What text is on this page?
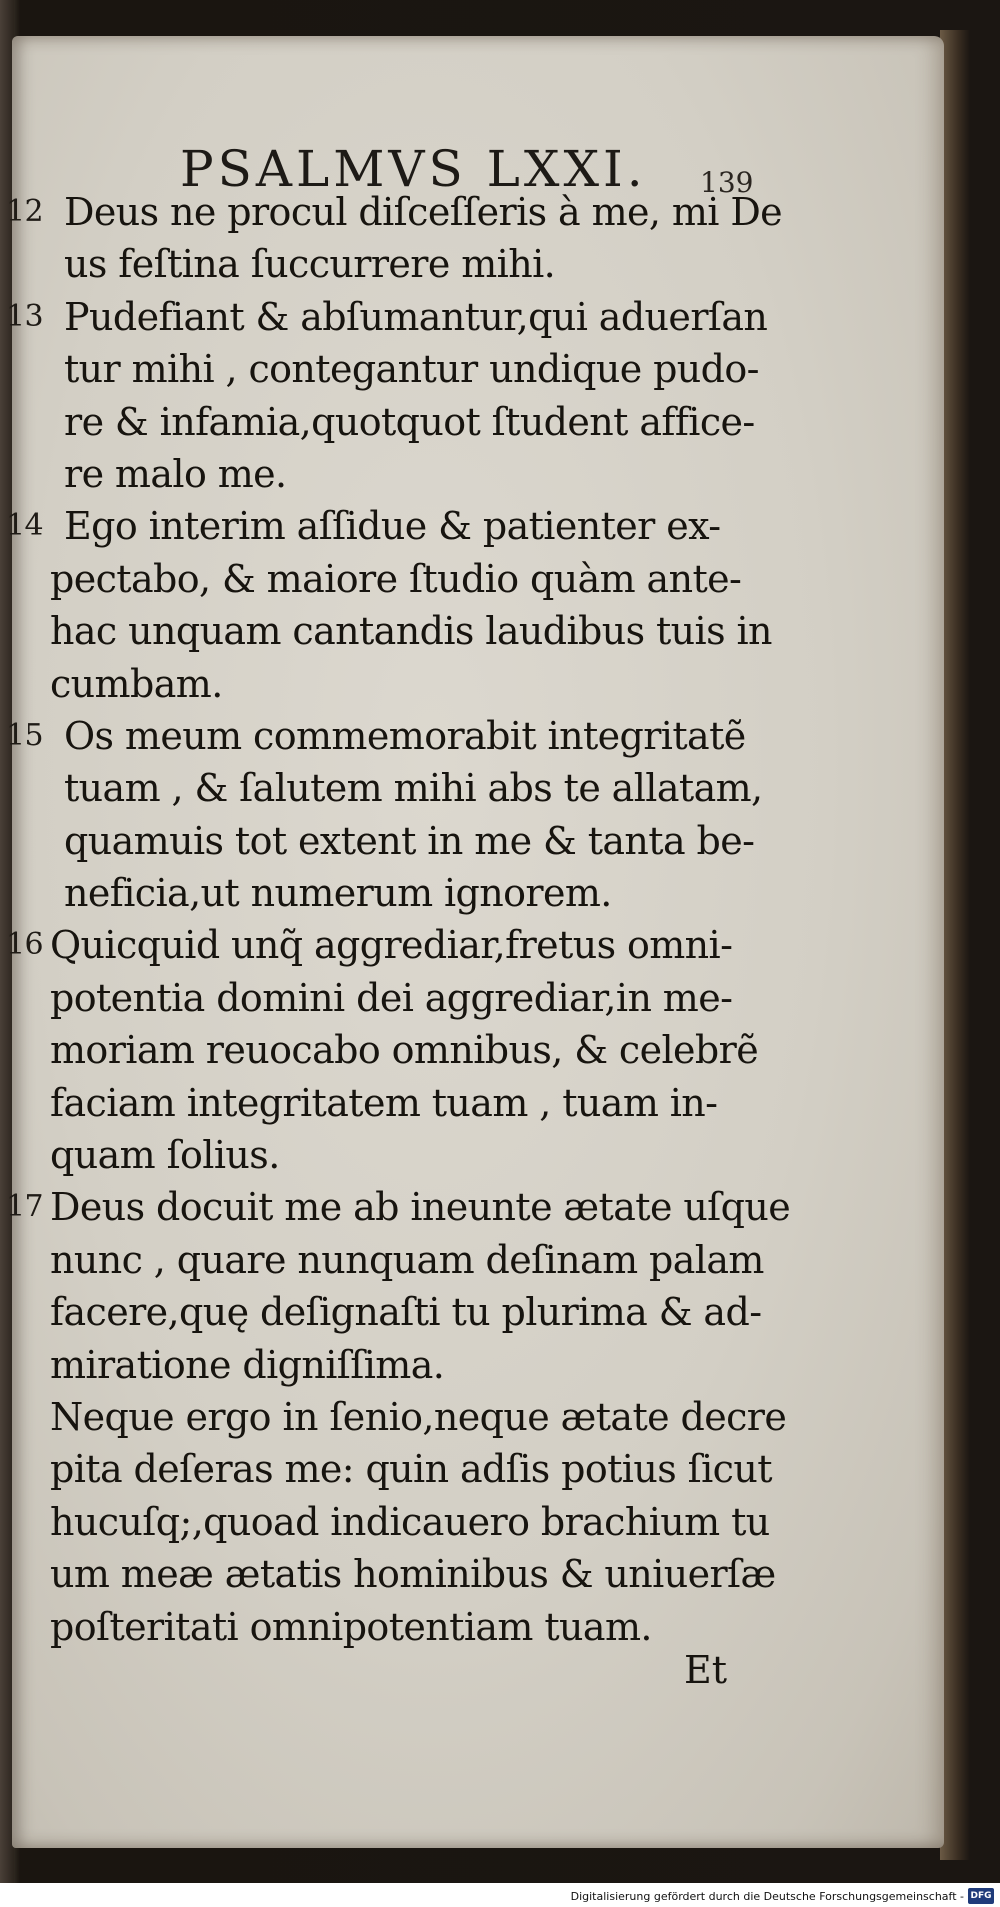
PSALMVS LXXI. 139
12 Deus ne procul diſceſſeris à me, mi De
us feſtina ſuccurrere mihi.
13 Pudefiant & abſumantur,qui aduerſan
tur mihi , contegantur undique pudo-
re & infamia,quotquot ſtudent affice-
re malo me.
14 Ego interim aſſidue & patienter ex-
pectabo, & maiore ſtudio quàm ante-
hac unquam cantandis laudibus tuis in
cumbam.
15 Os meum commemorabit integritatẽ
tuam , & ſalutem mihi abs te allatam,
quamuis tot extent in me & tanta be-
neficia,ut numerum ignorem.
16 Quicquid unq̃ aggrediar,fretus omni-
potentia domini dei aggrediar,in me-
moriam reuocabo omnibus, & celebrẽ
faciam integritatem tuam , tuam in-
quam ſolius.
17 Deus docuit me ab ineunte ætate uſque
nunc , quare nunquam deſinam palam
facere,quę deſignaſti tu plurima & ad-
miratione digniſſima.
Neque ergo in ſenio,neque ætate decre
pita deſeras me: quin adſis potius ſicut
hucuſq;,quoad indicauero brachium tu
um meæ ætatis hominibus & uniuerſæ
poſteritati omnipotentiam tuam.
Et
Digitalisierung gefördert durch die Deutsche Forschungsgemeinschaft - DFG
